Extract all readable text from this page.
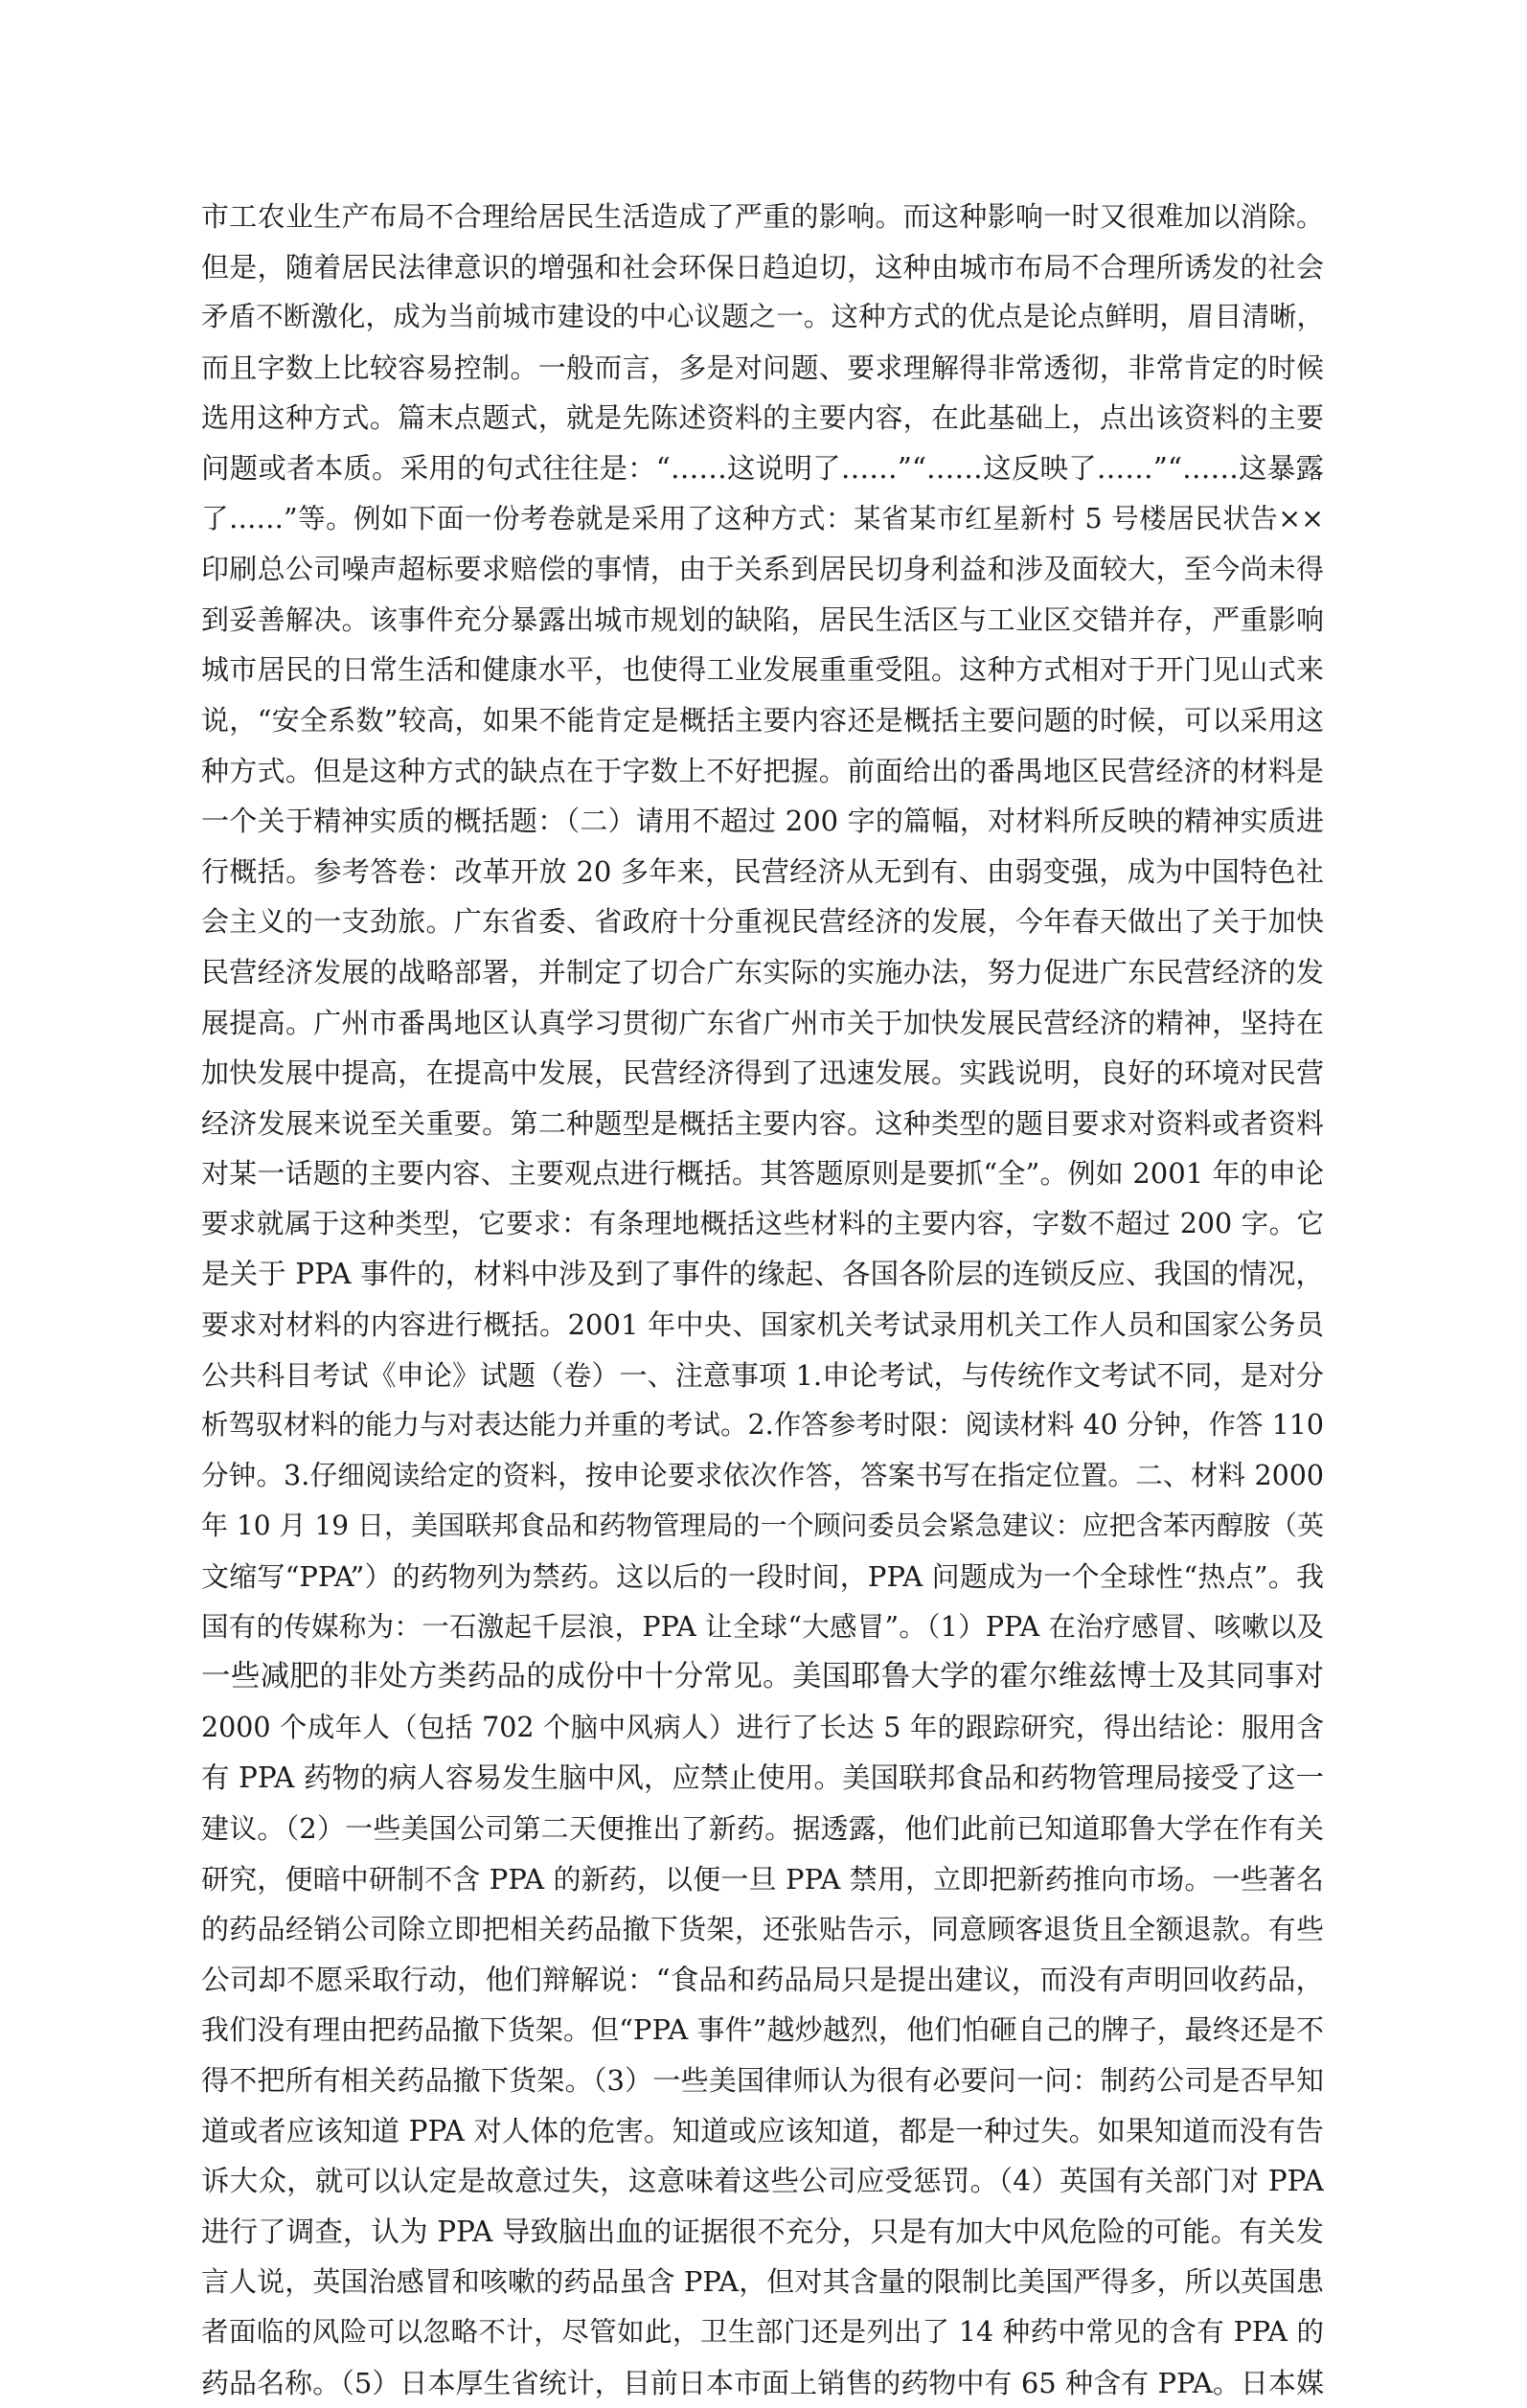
市工农业生产布局不合理给居民生活造成了严重的影响。而这种影响一时又很难加以消除。
但是，随着居民法律意识的增强和社会环保日趋迫切，这种由城市布局不合理所诱发的社会
矛盾不断激化，成为当前城市建设的中心议题之一。这种方式的优点是论点鲜明，眉目清晰，
而且字数上比较容易控制。一般而言，多是对问题、要求理解得非常透彻，非常肯定的时候
选用这种方式。篇末点题式，就是先陈述资料的主要内容，在此基础上，点出该资料的主要
问题或者本质。采用的句式往往是：“……这说明了……”“……这反映了……”“……这暴露
了……”等。例如下面一份考卷就是采用了这种方式：某省某市红星新村 5 号楼居民状告××
印刷总公司噪声超标要求赔偿的事情，由于关系到居民切身利益和涉及面较大，至今尚未得
到妥善解决。该事件充分暴露出城市规划的缺陷，居民生活区与工业区交错并存，严重影响
城市居民的日常生活和健康水平，也使得工业发展重重受阻。这种方式相对于开门见山式来
说，“安全系数”较高，如果不能肯定是概括主要内容还是概括主要问题的时候，可以采用这
种方式。但是这种方式的缺点在于字数上不好把握。前面给出的番禺地区民营经济的材料是
一个关于精神实质的概括题：（二）请用不超过 200 字的篇幅，对材料所反映的精神实质进
行概括。参考答卷：改革开放 20 多年来，民营经济从无到有、由弱变强，成为中国特色社
会主义的一支劲旅。广东省委、省政府十分重视民营经济的发展，今年春天做出了关于加快
民营经济发展的战略部署，并制定了切合广东实际的实施办法，努力促进广东民营经济的发
展提高。广州市番禺地区认真学习贯彻广东省广州市关于加快发展民营经济的精神，坚持在
加快发展中提高，在提高中发展，民营经济得到了迅速发展。实践说明，良好的环境对民营
经济发展来说至关重要。第二种题型是概括主要内容。这种类型的题目要求对资料或者资料
对某一话题的主要内容、主要观点进行概括。其答题原则是要抓“全”。例如 2001 年的申论
要求就属于这种类型，它要求：有条理地概括这些材料的主要内容，字数不超过 200 字。它
是关于 PPA 事件的，材料中涉及到了事件的缘起、各国各阶层的连锁反应、我国的情况，
要求对材料的内容进行概括。2001 年中央、国家机关考试录用机关工作人员和国家公务员
公共科目考试《申论》试题（卷）一、注意事项 1.申论考试，与传统作文考试不同，是对分
析驾驭材料的能力与对表达能力并重的考试。2.作答参考时限：阅读材料 40 分钟，作答 110
分钟。3.仔细阅读给定的资料，按申论要求依次作答，答案书写在指定位置。二、材料 2000
年 10 月 19 日，美国联邦食品和药物管理局的一个顾问委员会紧急建议：应把含苯丙醇胺（英
文缩写“PPA”）的药物列为禁药。这以后的一段时间，PPA 问题成为一个全球性“热点”。我
国有的传媒称为：一石激起千层浪，PPA 让全球“大感冒”。（1）PPA 在治疗感冒、咳嗽以及
一些减肥的非处方类药品的成份中十分常见。美国耶鲁大学的霍尔维兹博士及其同事对
2000 个成年人（包括 702 个脑中风病人）进行了长达 5 年的跟踪研究，得出结论：服用含
有 PPA 药物的病人容易发生脑中风，应禁止使用。美国联邦食品和药物管理局接受了这一
建议。（2）一些美国公司第二天便推出了新药。据透露，他们此前已知道耶鲁大学在作有关
研究，便暗中研制不含 PPA 的新药，以便一旦 PPA 禁用，立即把新药推向市场。一些著名
的药品经销公司除立即把相关药品撤下货架，还张贴告示，同意顾客退货且全额退款。有些
公司却不愿采取行动，他们辩解说：“食品和药品局只是提出建议，而没有声明回收药品，
我们没有理由把药品撤下货架。但“PPA 事件”越炒越烈，他们怕砸自己的牌子，最终还是不
得不把所有相关药品撤下货架。（3）一些美国律师认为很有必要问一问：制药公司是否早知
道或者应该知道 PPA 对人体的危害。知道或应该知道，都是一种过失。如果知道而没有告
诉大众，就可以认定是故意过失，这意味着这些公司应受惩罚。（4）英国有关部门对 PPA
进行了调查，认为 PPA 导致脑出血的证据很不充分，只是有加大中风危险的可能。有关发
言人说，英国治感冒和咳嗽的药品虽含 PPA，但对其含量的限制比美国严得多，所以英国患
者面临的风险可以忽略不计，尽管如此，卫生部门还是列出了 14 种药中常见的含有 PPA 的
药品名称。（5）日本厚生省统计，目前日本市面上销售的药物中有 65 种含有 PPA。日本媒
